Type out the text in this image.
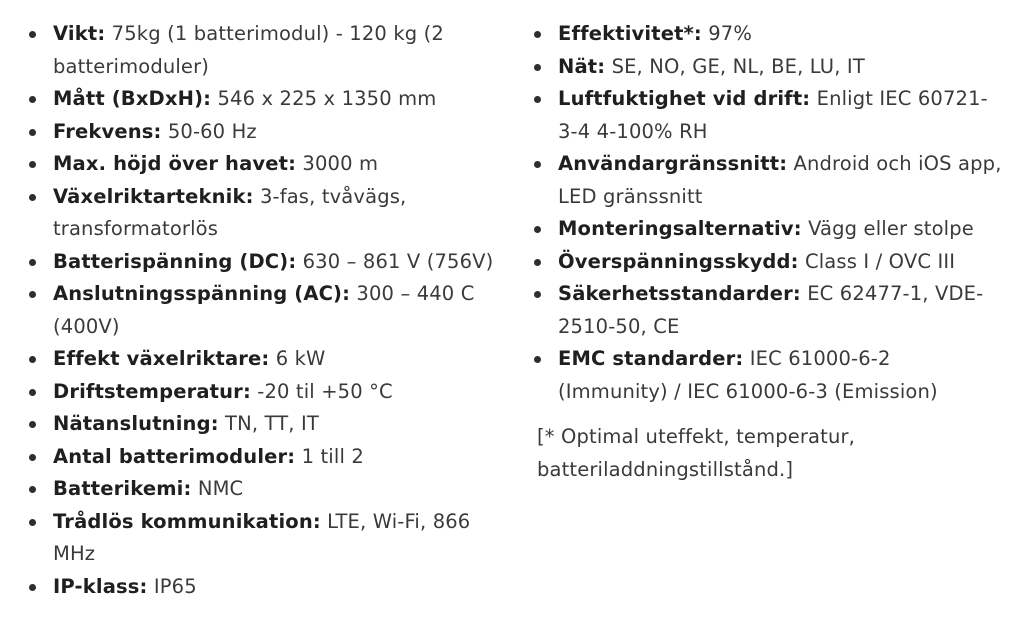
Vikt: 75kg (1 batterimodul) - 120 kg (2 batterimoduler)
Mått (BxDxH): 546 x 225 x 1350 mm
Frekvens: 50-60 Hz
Max. höjd över havet: 3000 m
Växelriktarteknik: 3-fas, tvåvägs, transformatorlös
Batterispänning (DC): 630 – 861 V (756V)
Anslutningsspänning (AC): 300 – 440 C (400V)
Effekt växelriktare: 6 kW
Driftstemperatur: -20 til +50 °C
Nätanslutning: TN, TT, IT
Antal batterimoduler: 1 till 2
Batterikemi: NMC
Trådlös kommunikation: LTE, Wi-Fi, 866 MHz
IP-klass: IP65
Effektivitet*: 97%
Nät: SE, NO, GE, NL, BE, LU, IT
Luftfuktighet vid drift: Enligt IEC 60721-3-4 4-100% RH
Användargränssnitt: Android och iOS app, LED gränssnitt
Monteringsalternativ: Vägg eller stolpe
Överspänningsskydd: Class I / OVC III
Säkerhetsstandarder: EC 62477-1, VDE-2510-50, CE
EMC standarder: IEC 61000-6-2 (Immunity) / IEC 61000-6-3 (Emission)

[* Optimal uteffekt, temperatur, batteriladdningstillstånd.]
